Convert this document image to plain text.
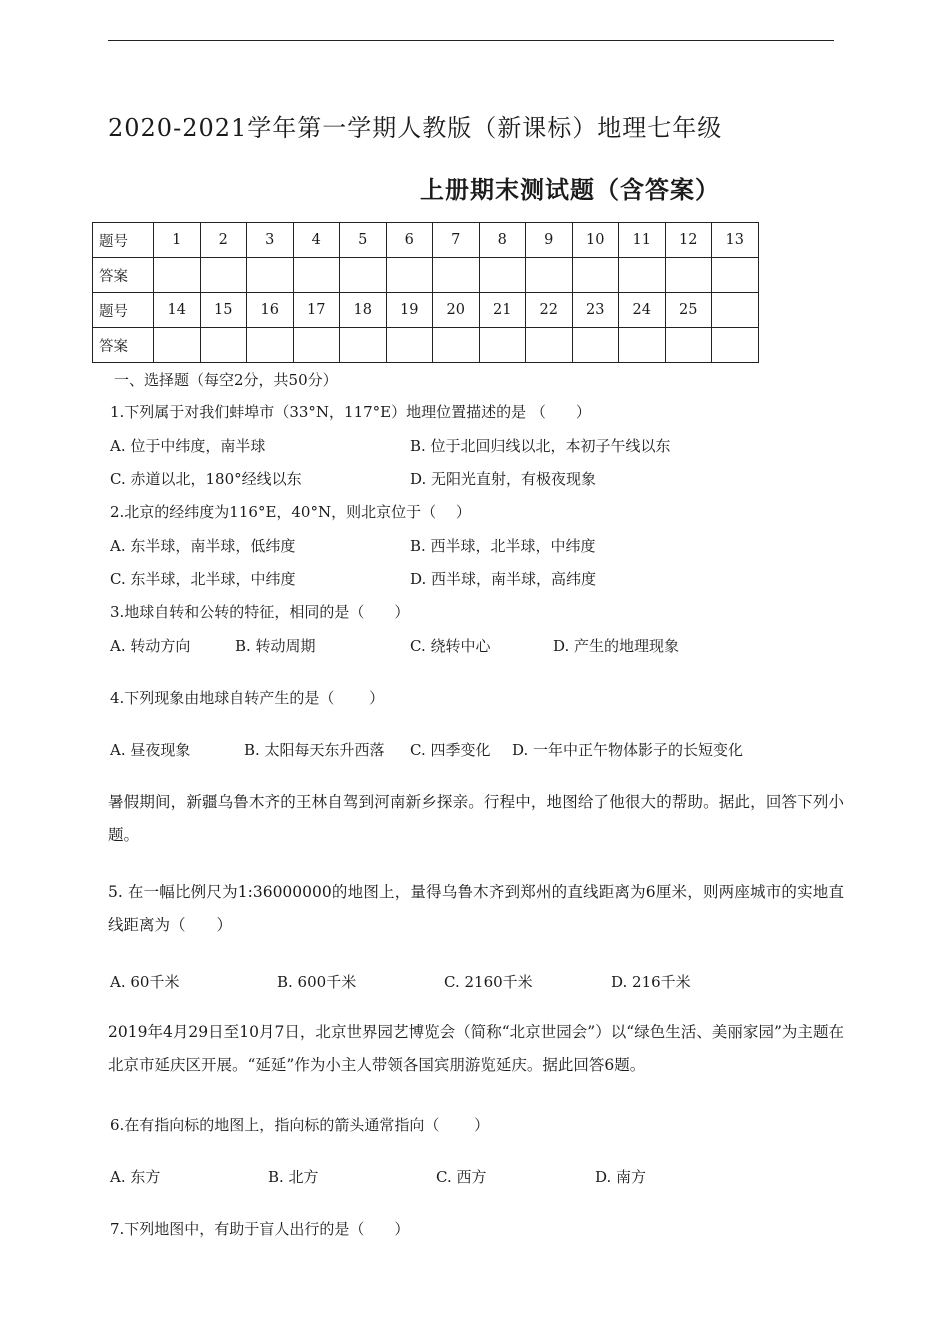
2020-2021学年第一学期人教版（新课标）地理七年级
上册期末测试题（含答案）
题号	1	2	3	4	5	6	7	8	9	10	11	12	13
答案													
题号	14	15	16	17	18	19	20	21	22	23	24	25	
答案													
一、选择题（每空2分，共50分）
1.下列属于对我们蚌埠市（33°N，117°E）地理位置描述的是 （　　）
A. 位于中纬度，南半球	B. 位于北回归线以北，本初子午线以东
C. 赤道以北，180°经线以东	D. 无阳光直射，有极夜现象
2.北京的经纬度为116°E，40°N，则北京位于（　 ）
A. 东半球，南半球，低纬度	B. 西半球，北半球，中纬度
C. 东半球，北半球，中纬度	D. 西半球，南半球，高纬度
3.地球自转和公转的特征，相同的是（　　）
A. 转动方向	B. 转动周期	C. 绕转中心	D. 产生的地理现象
4.下列现象由地球自转产生的是（　　 ）
A. 昼夜现象	B. 太阳每天东升西落 C. 四季变化 D. 一年中正午物体影子的长短变化
暑假期间，新疆乌鲁木齐的王林自驾到河南新乡探亲。行程中，地图给了他很大的帮助。据此，回答下列小题。
5. 在一幅比例尺为1:36000000的地图上，量得乌鲁木齐到郑州的直线距离为6厘米，则两座城市的实地直线距离为（　　）
A. 60千米	B. 600千米	C. 2160千米	D. 216千米
2019年4月29日至10月7日，北京世界园艺博览会（简称“北京世园会”）以“绿色生活、美丽家园”为主题在北京市延庆区开展。“延延”作为小主人带领各国宾朋游览延庆。据此回答6题。
6.在有指向标的地图上，指向标的箭头通常指向（　　 ）
A. 东方	B. 北方	C. 西方	D. 南方
7.下列地图中，有助于盲人出行的是（　　）
